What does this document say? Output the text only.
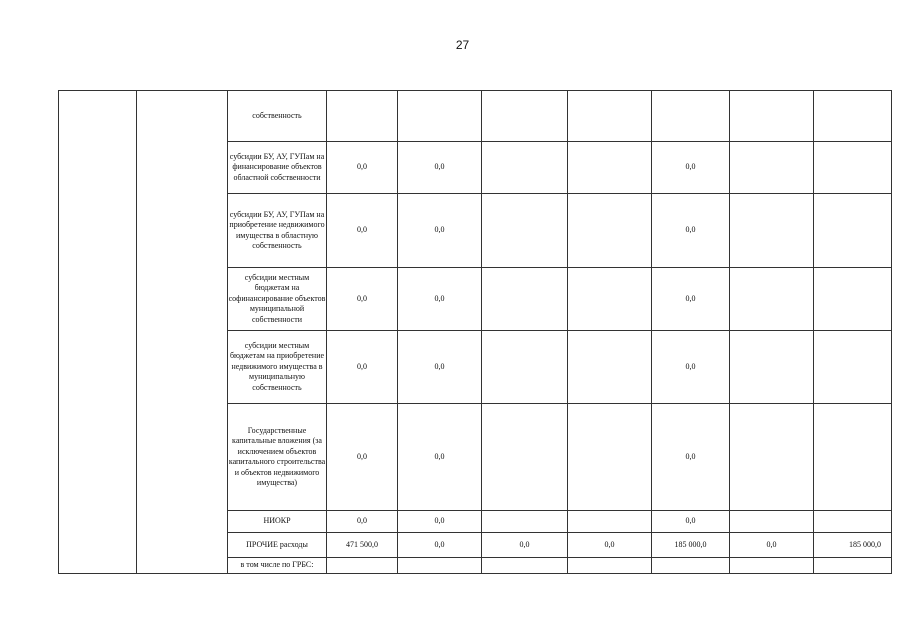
27
		собственность							
		субсидии БУ, АУ, ГУПам на финансирование объектов областной собственности	0,0	0,0			0,0		
		субсидии БУ, АУ, ГУПам на приобретение недвижимого имущества в областную собственность	0,0	0,0			0,0		
		субсидии местным бюджетам на софинансирование объектов муниципальной собственности	0,0	0,0			0,0		
		субсидии местным бюджетам на приобретение недвижимого имущества в муниципальную собственность	0,0	0,0			0,0		
		Государственные капитальные вложения (за исключением объектов капитального строительства и объектов недвижимого имущества)	0,0	0,0			0,0		
		НИОКР	0,0	0,0			0,0		
		ПРОЧИЕ расходы	471 500,0	0,0	0,0	0,0	185 000,0	0,0	185 000,0
		в том числе по ГРБС:							
